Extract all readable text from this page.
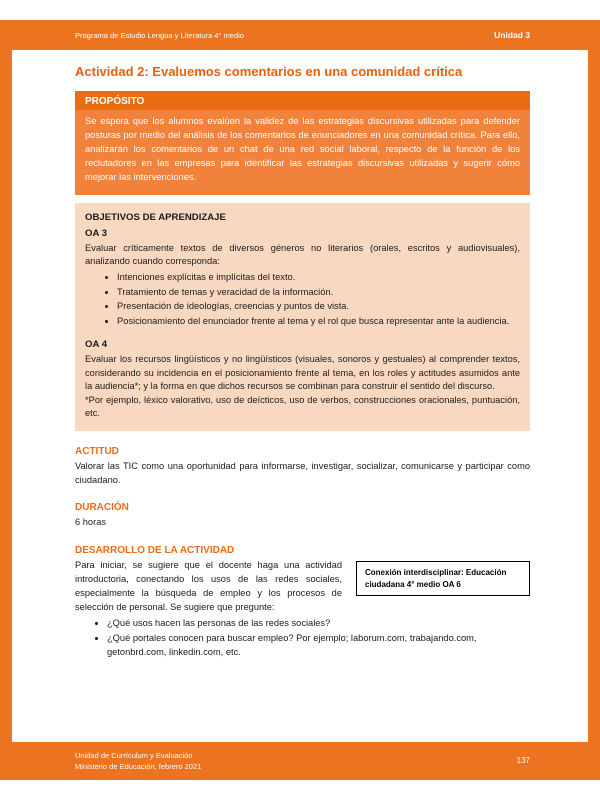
Programa de Estudio Lengua y Literatura 4° medio	Unidad 3
Actividad 2: Evaluemos comentarios en una comunidad crítica
PROPÓSITO
Se espera que los alumnos evalúen la validez de las estrategias discursivas utilizadas para defender posturas por medio del análisis de los comentarios de enunciadores en una comunidad crítica. Para ello, analizarán los comentarios de un chat de una red social laboral, respecto de la función de los reclutadores en las empresas para identificar las estrategias discursivas utilizadas y sugerir cómo mejorar las intervenciones.
OBJETIVOS DE APRENDIZAJE
OA 3

Evaluar críticamente textos de diversos géneros no literarios (orales, escritos y audiovisuales), analizando cuando corresponda:

• Intenciones explícitas e implícitas del texto.
• Tratamiento de temas y veracidad de la información.
• Presentación de ideologías, creencias y puntos de vista.
• Posicionamiento del enunciador frente al tema y el rol que busca representar ante la audiencia.
OA 4

Evaluar los recursos lingüísticos y no lingüísticos (visuales, sonoros y gestuales) al comprender textos, considerando su incidencia en el posicionamiento frente al tema, en los roles y actitudes asumidos ante la audiencia*; y la forma en que dichos recursos se combinan para construir el sentido del discurso.

*Por ejemplo, léxico valorativo, uso de deícticos, uso de verbos, construcciones oracionales, puntuación, etc.

ACTITUD

Valorar las TIC como una oportunidad para informarse, investigar, socializar, comunicarse y participar como ciudadano.

DURACIÓN

6 horas

DESARROLLO DE LA ACTIVIDAD
Conexión interdisciplinar: Educación ciudadana 4° medio OA 6

Para iniciar, se sugiere que el docente haga una actividad introductoria, conectando los usos de las redes sociales, especialmente la búsqueda de empleo y los procesos de selección de personal. Se sugiere que pregunte:

• ¿Qué usos hacen las personas de las redes sociales?
• ¿Qué portales conocen para buscar empleo? Por ejemplo; laborum.com, trabajando.com, getonbrd.com, linkedin.com, etc.
Unidad de Currículum y Evaluación
Ministerio de Educación, febrero 2021
137
